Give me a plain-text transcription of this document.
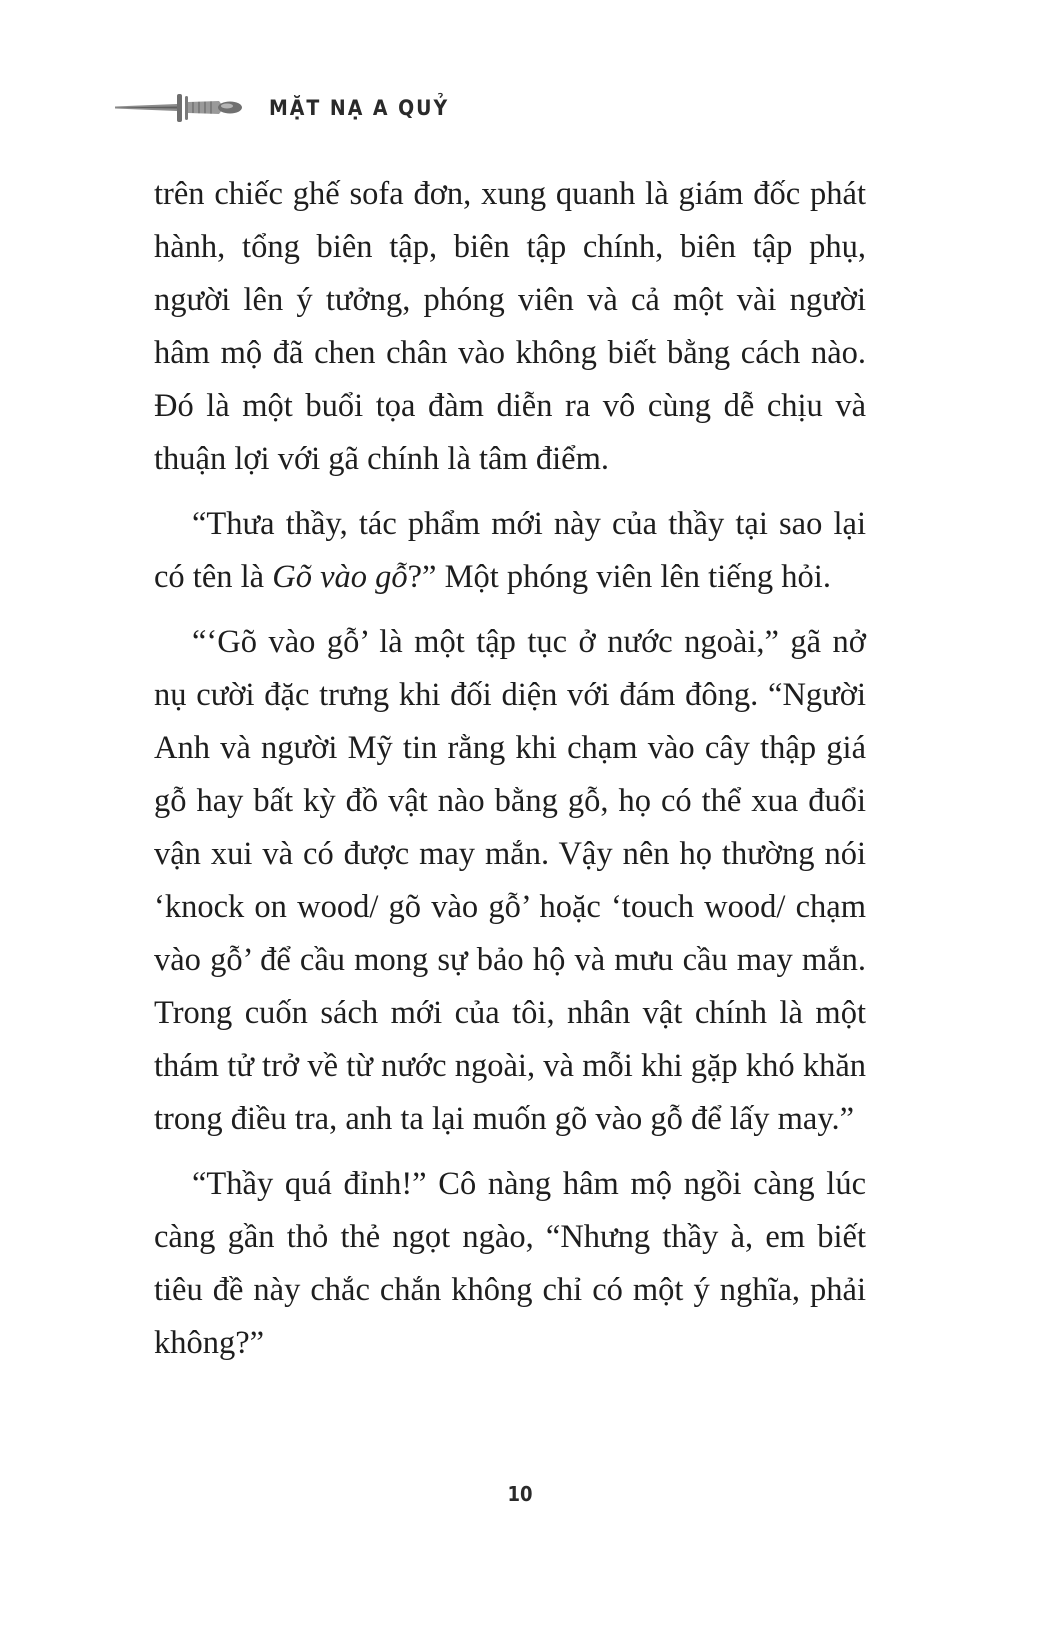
MẶT NẠ A QUỶ

trên chiếc ghế sofa đơn, xung quanh là giám đốc phát hành, tổng biên tập, biên tập chính, biên tập phụ, người lên ý tưởng, phóng viên và cả một vài người hâm mộ đã chen chân vào không biết bằng cách nào. Đó là một buổi tọa đàm diễn ra vô cùng dễ chịu và thuận lợi với gã chính là tâm điểm.

“Thưa thầy, tác phẩm mới này của thầy tại sao lại có tên là Gõ vào gỗ?” Một phóng viên lên tiếng hỏi.

“‘Gõ vào gỗ’ là một tập tục ở nước ngoài,” gã nở nụ cười đặc trưng khi đối diện với đám đông. “Người Anh và người Mỹ tin rằng khi chạm vào cây thập giá gỗ hay bất kỳ đồ vật nào bằng gỗ, họ có thể xua đuổi vận xui và có được may mắn. Vậy nên họ thường nói ‘knock on wood/ gõ vào gỗ’ hoặc ‘touch wood/ chạm vào gỗ’ để cầu mong sự bảo hộ và mưu cầu may mắn. Trong cuốn sách mới của tôi, nhân vật chính là một thám tử trở về từ nước ngoài, và mỗi khi gặp khó khăn trong điều tra, anh ta lại muốn gõ vào gỗ để lấy may.”

“Thầy quá đỉnh!” Cô nàng hâm mộ ngồi càng lúc càng gần thỏ thẻ ngọt ngào, “Nhưng thầy à, em biết tiêu đề này chắc chắn không chỉ có một ý nghĩa, phải không?”

10
